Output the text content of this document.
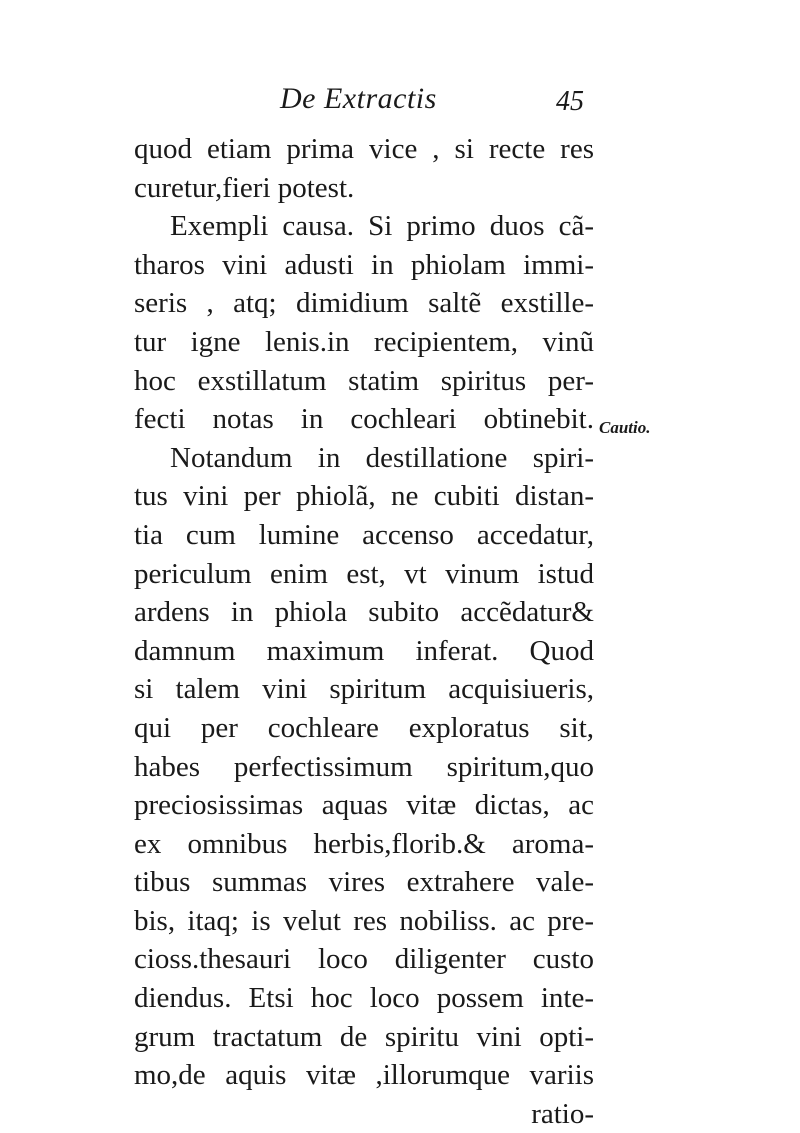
De Extractis	45
Cautio.
quod etiam prima vice , si recte res
curetur,fieri potest.
Exempli causa. Si primo duos cã-
tharos vini adusti in phiolam immi-
seris , atq; dimidium saltẽ exstille-
tur igne lenis.in recipientem, vinũ
hoc exstillatum statim spiritus per-
fecti notas in cochleari obtinebit.
Notandum in destillatione spiri-
tus vini per phiolã, ne cubiti distan-
tia cum lumine accenso accedatur,
periculum enim est, vt vinum istud
ardens in phiola subito accẽdatur&
damnum maximum inferat. Quod
si talem vini spiritum acquisiueris,
qui per cochleare exploratus sit,
habes perfectissimum spiritum,quo
preciosissimas aquas vitæ dictas, ac
ex omnibus herbis,florib.& aroma-
tibus summas vires extrahere vale-
bis, itaq; is velut res nobiliss. ac pre-
cioss.thesauri loco diligenter custo
diendus. Etsi hoc loco possem inte-
grum tractatum de spiritu vini opti-
mo,de aquis vitæ ,illorumque variis
ratio-
